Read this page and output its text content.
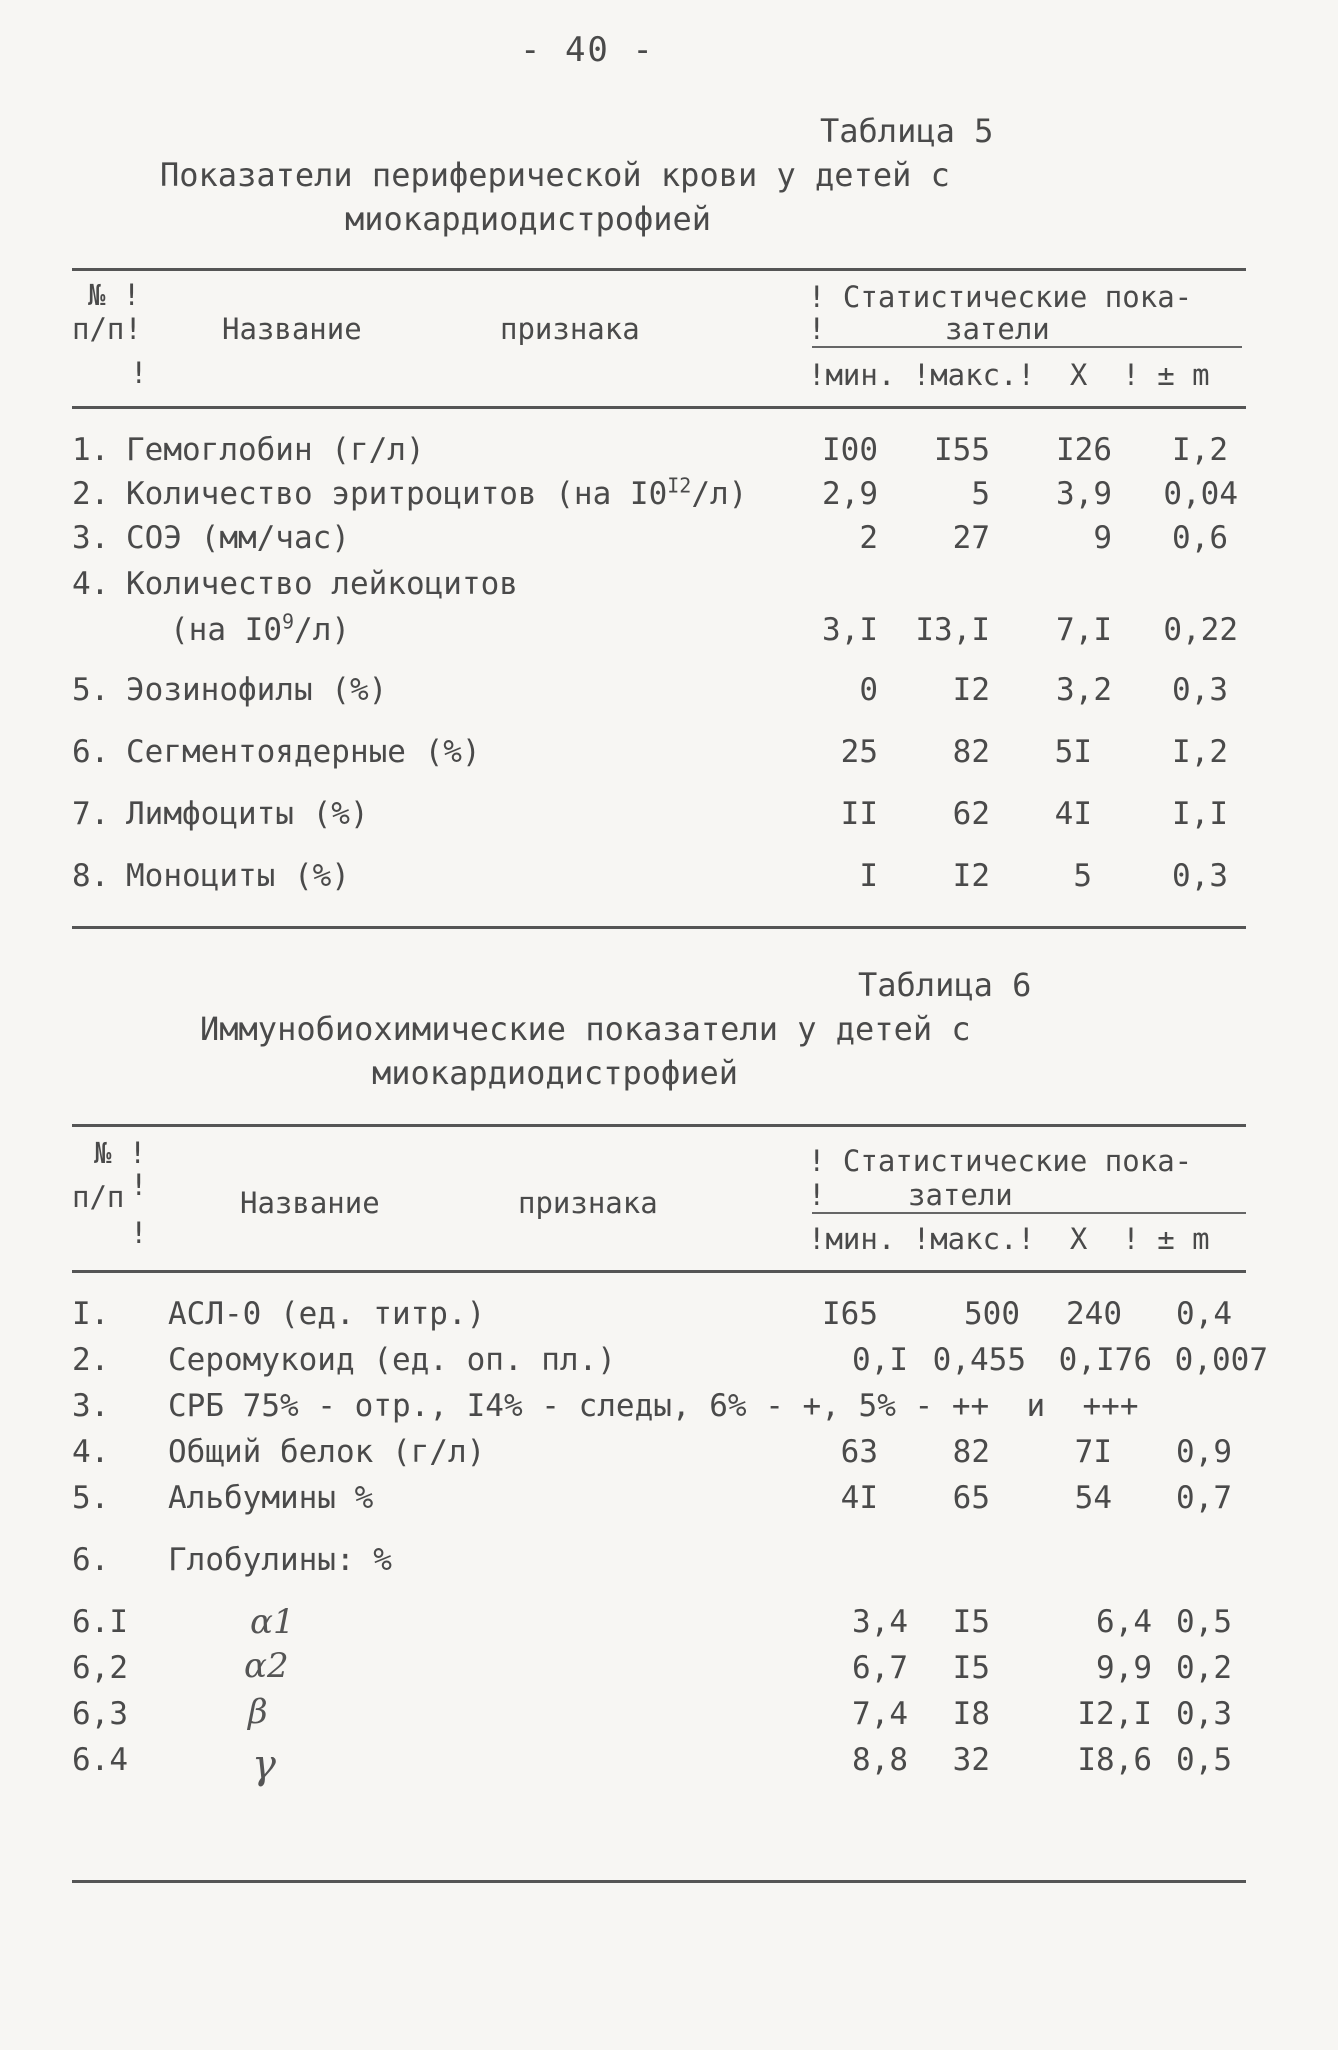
- 40 -
Таблица 5
Показатели периферической крови у детей с
миокардиодистрофией
№ !
п/п!
!
Название	признака
! Статистические пока-
!	затели
!мин. !макс.!  X  ! ± m
1. Гемоглобин (г/л)	I00	I55	I26	I,2
2. Количество эритроцитов (на $I0^{I2}/л$)	2,9	5	3,9	0,04
3. СОЭ (мм/час)	2	27	9	0,6
4. Количество лейкоцитов
(на $I0^9/л$)	3,I	I3,I	7,I	0,22
5. Эозинофилы (%)	0	I2	3,2	0,3
6. Сегментоядерные (%)	25	82	5I	I,2
7. Лимфоциты (%)	II	62	4I	I,I
8. Моноциты (%)	I	I2	5	0,3
Таблица 6
Иммунобиохимические показатели у детей с
миокардиодистрофией
№ !
п/п !
!
Название	признака
! Статистические пока-
!	затели
!мин. !макс.!  X  ! ± m
I. АСЛ-0 (ед. титр.)	I65	500	240	0,4
2. Серомукоид (ед. оп. пл.)	0,I 0,455	0,I76 0,007
3. СРБ 75% - отр., I4% - следы, 6% - +, 5% - ++  и  +++
4. Общий белок (г/л)	63	82	7I	0,9
5. Альбумины %	4I	65	54	0,7
6. Глобулины: %
6.I	α1	3,4	I5	6,4 0,5
6,2	α2	6,7	I5	9,9 0,2
6,3	β	7,4	I8	I2,I 0,3
6.4	γ	8,8	32	I8,6 0,5
